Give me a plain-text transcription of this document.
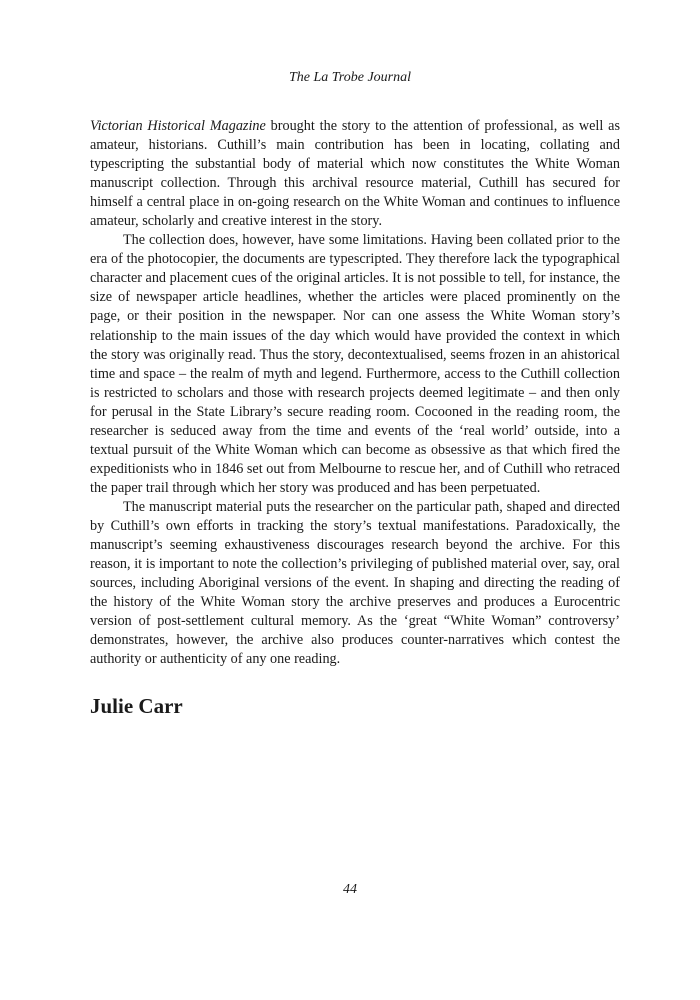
The La Trobe Journal

Victorian Historical Magazine brought the story to the attention of professional, as well as amateur, historians. Cuthill’s main contribution has been in locating, collating and typescripting the substantial body of material which now constitutes the White Woman manuscript collection. Through this archival resource material, Cuthill has secured for himself a central place in on-going research on the White Woman and continues to influence amateur, scholarly and creative interest in the story.

The collection does, however, have some limitations. Having been collated prior to the era of the photocopier, the documents are typescripted. They therefore lack the typographical character and placement cues of the original articles. It is not possible to tell, for instance, the size of newspaper article headlines, whether the articles were placed prominently on the page, or their position in the newspaper. Nor can one assess the White Woman story’s relationship to the main issues of the day which would have provided the context in which the story was originally read. Thus the story, decontextualised, seems frozen in an ahistorical time and space – the realm of myth and legend. Furthermore, access to the Cuthill collection is restricted to scholars and those with research projects deemed legitimate – and then only for perusal in the State Library’s secure reading room. Cocooned in the reading room, the researcher is seduced away from the time and events of the ‘real world’ outside, into a textual pursuit of the White Woman which can become as obsessive as that which fired the expeditionists who in 1846 set out from Melbourne to rescue her, and of Cuthill who retraced the paper trail through which her story was produced and has been perpetuated.

The manuscript material puts the researcher on the particular path, shaped and directed by Cuthill’s own efforts in tracking the story’s textual manifestations. Paradoxically, the manuscript’s seeming exhaustiveness discourages research beyond the archive. For this reason, it is important to note the collection’s privileging of published material over, say, oral sources, including Aboriginal versions of the event. In shaping and directing the reading of the history of the White Woman story the archive preserves and produces a Eurocentric version of post-settlement cultural memory. As the ‘great “White Woman” controversy’ demonstrates, however, the archive also produces counter-narratives which contest the authority or authenticity of any one reading.

Julie Carr
44
